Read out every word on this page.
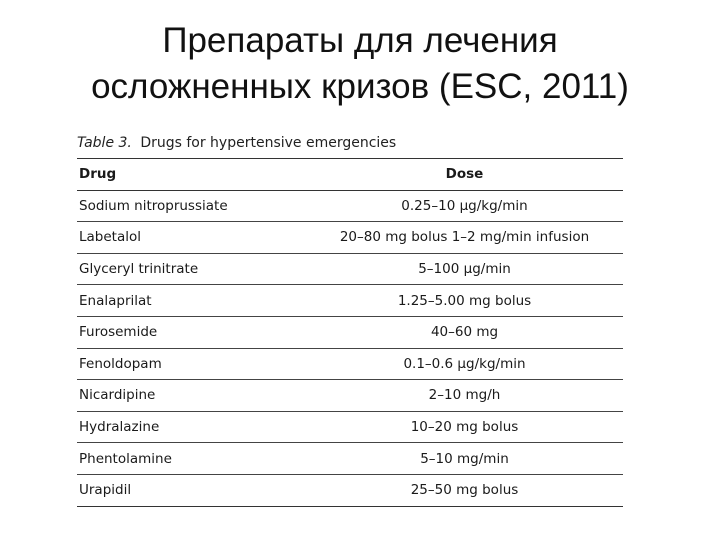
Препараты для лечения
осложненных кризов (ESC, 2011)
Table 3. Drugs for hypertensive emergencies
Drug	Dose
Sodium nitroprussiate	0.25–10 μg/kg/min
Labetalol	20–80 mg bolus 1–2 mg/min infusion
Glyceryl trinitrate	5–100 μg/min
Enalaprilat	1.25–5.00 mg bolus
Furosemide	40–60 mg
Fenoldopam	0.1–0.6 μg/kg/min
Nicardipine	2–10 mg/h
Hydralazine	10–20 mg bolus
Phentolamine	5–10 mg/min
Urapidil	25–50 mg bolus
